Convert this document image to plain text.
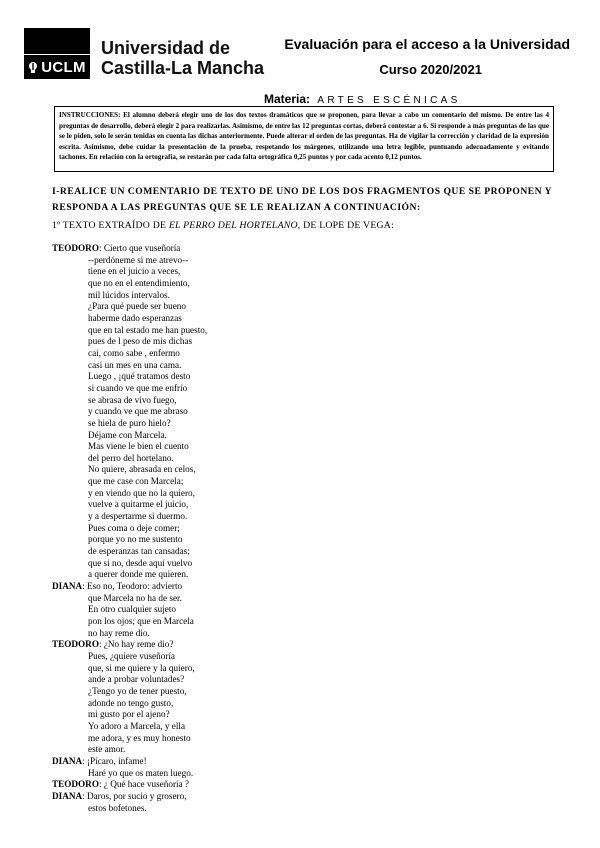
UCLM
Universidad de
Castilla-La Mancha
Evaluación para el acceso a la Universidad
Curso 2020/2021
Materia: ARTES ESCÉNICAS
INSTRUCCIONES: El alumno deberá elegir uno de los dos textos dramáticos que se proponen, para llevar a cabo un comentario del mismo. De entre las 4 preguntas de desarrollo, deberá elegir 2 para realizarlas. Asimismo, de entre las 12 preguntas cortas, deberá contestar a 6. Si responde a más preguntas de las que se le piden, solo le serán tenidas en cuenta las dichas anteriormente. Puede alterar el orden de las preguntas. Ha de vigilar la corrección y claridad de la expresión escrita. Asimismo, debe cuidar la presentación de la prueba, respetando los márgenes, utilizando una letra legible, puntuando adecuadamente y evitando tachones. En relación con la ortografía, se restarán por cada falta ortográfica 0,25 puntos y por cada acento 0,12 puntos.
I-REALICE UN COMENTARIO DE TEXTO DE UNO DE LOS DOS FRAGMENTOS QUE SE PROPONEN Y
RESPONDA A LAS PREGUNTAS QUE SE LE REALIZAN A CONTINUACIÓN:
1º TEXTO EXTRAÍDO DE EL PERRO DEL HORTELANO, DE LOPE DE VEGA:
TEODORO: Cierto que vuseñoría
--perdóneme si me atrevo--
tiene en el juicio a veces,
que no en el entendimiento,
mil lúcidos intervalos.
¿Para qué puede ser bueno
haberme dado esperanzas
que en tal estado me han puesto,
pues de l peso de mis dichas
caí, como sabe , enfermo
casi un mes en una cama.
Luego , ¡qué tratamos desto
si cuando ve que me enfrío
se abrasa de vivo fuego,
y cuando ve que me abraso
se hiela de puro hielo?
Déjame con Marcela.
Mas viene le bien el cuento
del perro del hortelano.
No quiere, abrasada en celos,
que me case con Marcela;
y en viendo que no la quiero,
vuelve a quitarme el juicio,
y a despertarme si duermo.
Pues coma o deje comer;
porque yo no me sustento
de esperanzas tan cansadas;
que si no, desde aquí vuelvo
a querer donde me quieren.
DIANA: Eso no, Teodoro: advierto
que Marcela no ha de ser.
En otro cualquier sujeto
pon los ojos; que en Marcela
no hay reme dio.
TEODORO: ¿No hay reme dio?
Pues, ¿quiere vuseñoría
que, si me quiere y la quiero,
ande a probar voluntades?
¿Tengo yo de tener puesto,
adonde no tengo gusto,
mi gusto por el ajeno?
Yo adoro a Marcela, y ella
me adora, y es muy honesto
este amor.
DIANA: ¡Pícaro, infame!
Haré yo que os maten luego.
TEODORO: ¿ Qué hace vuseñoría ?
DIANA: Daros, por sucio y grosero,
estos bofetones.
